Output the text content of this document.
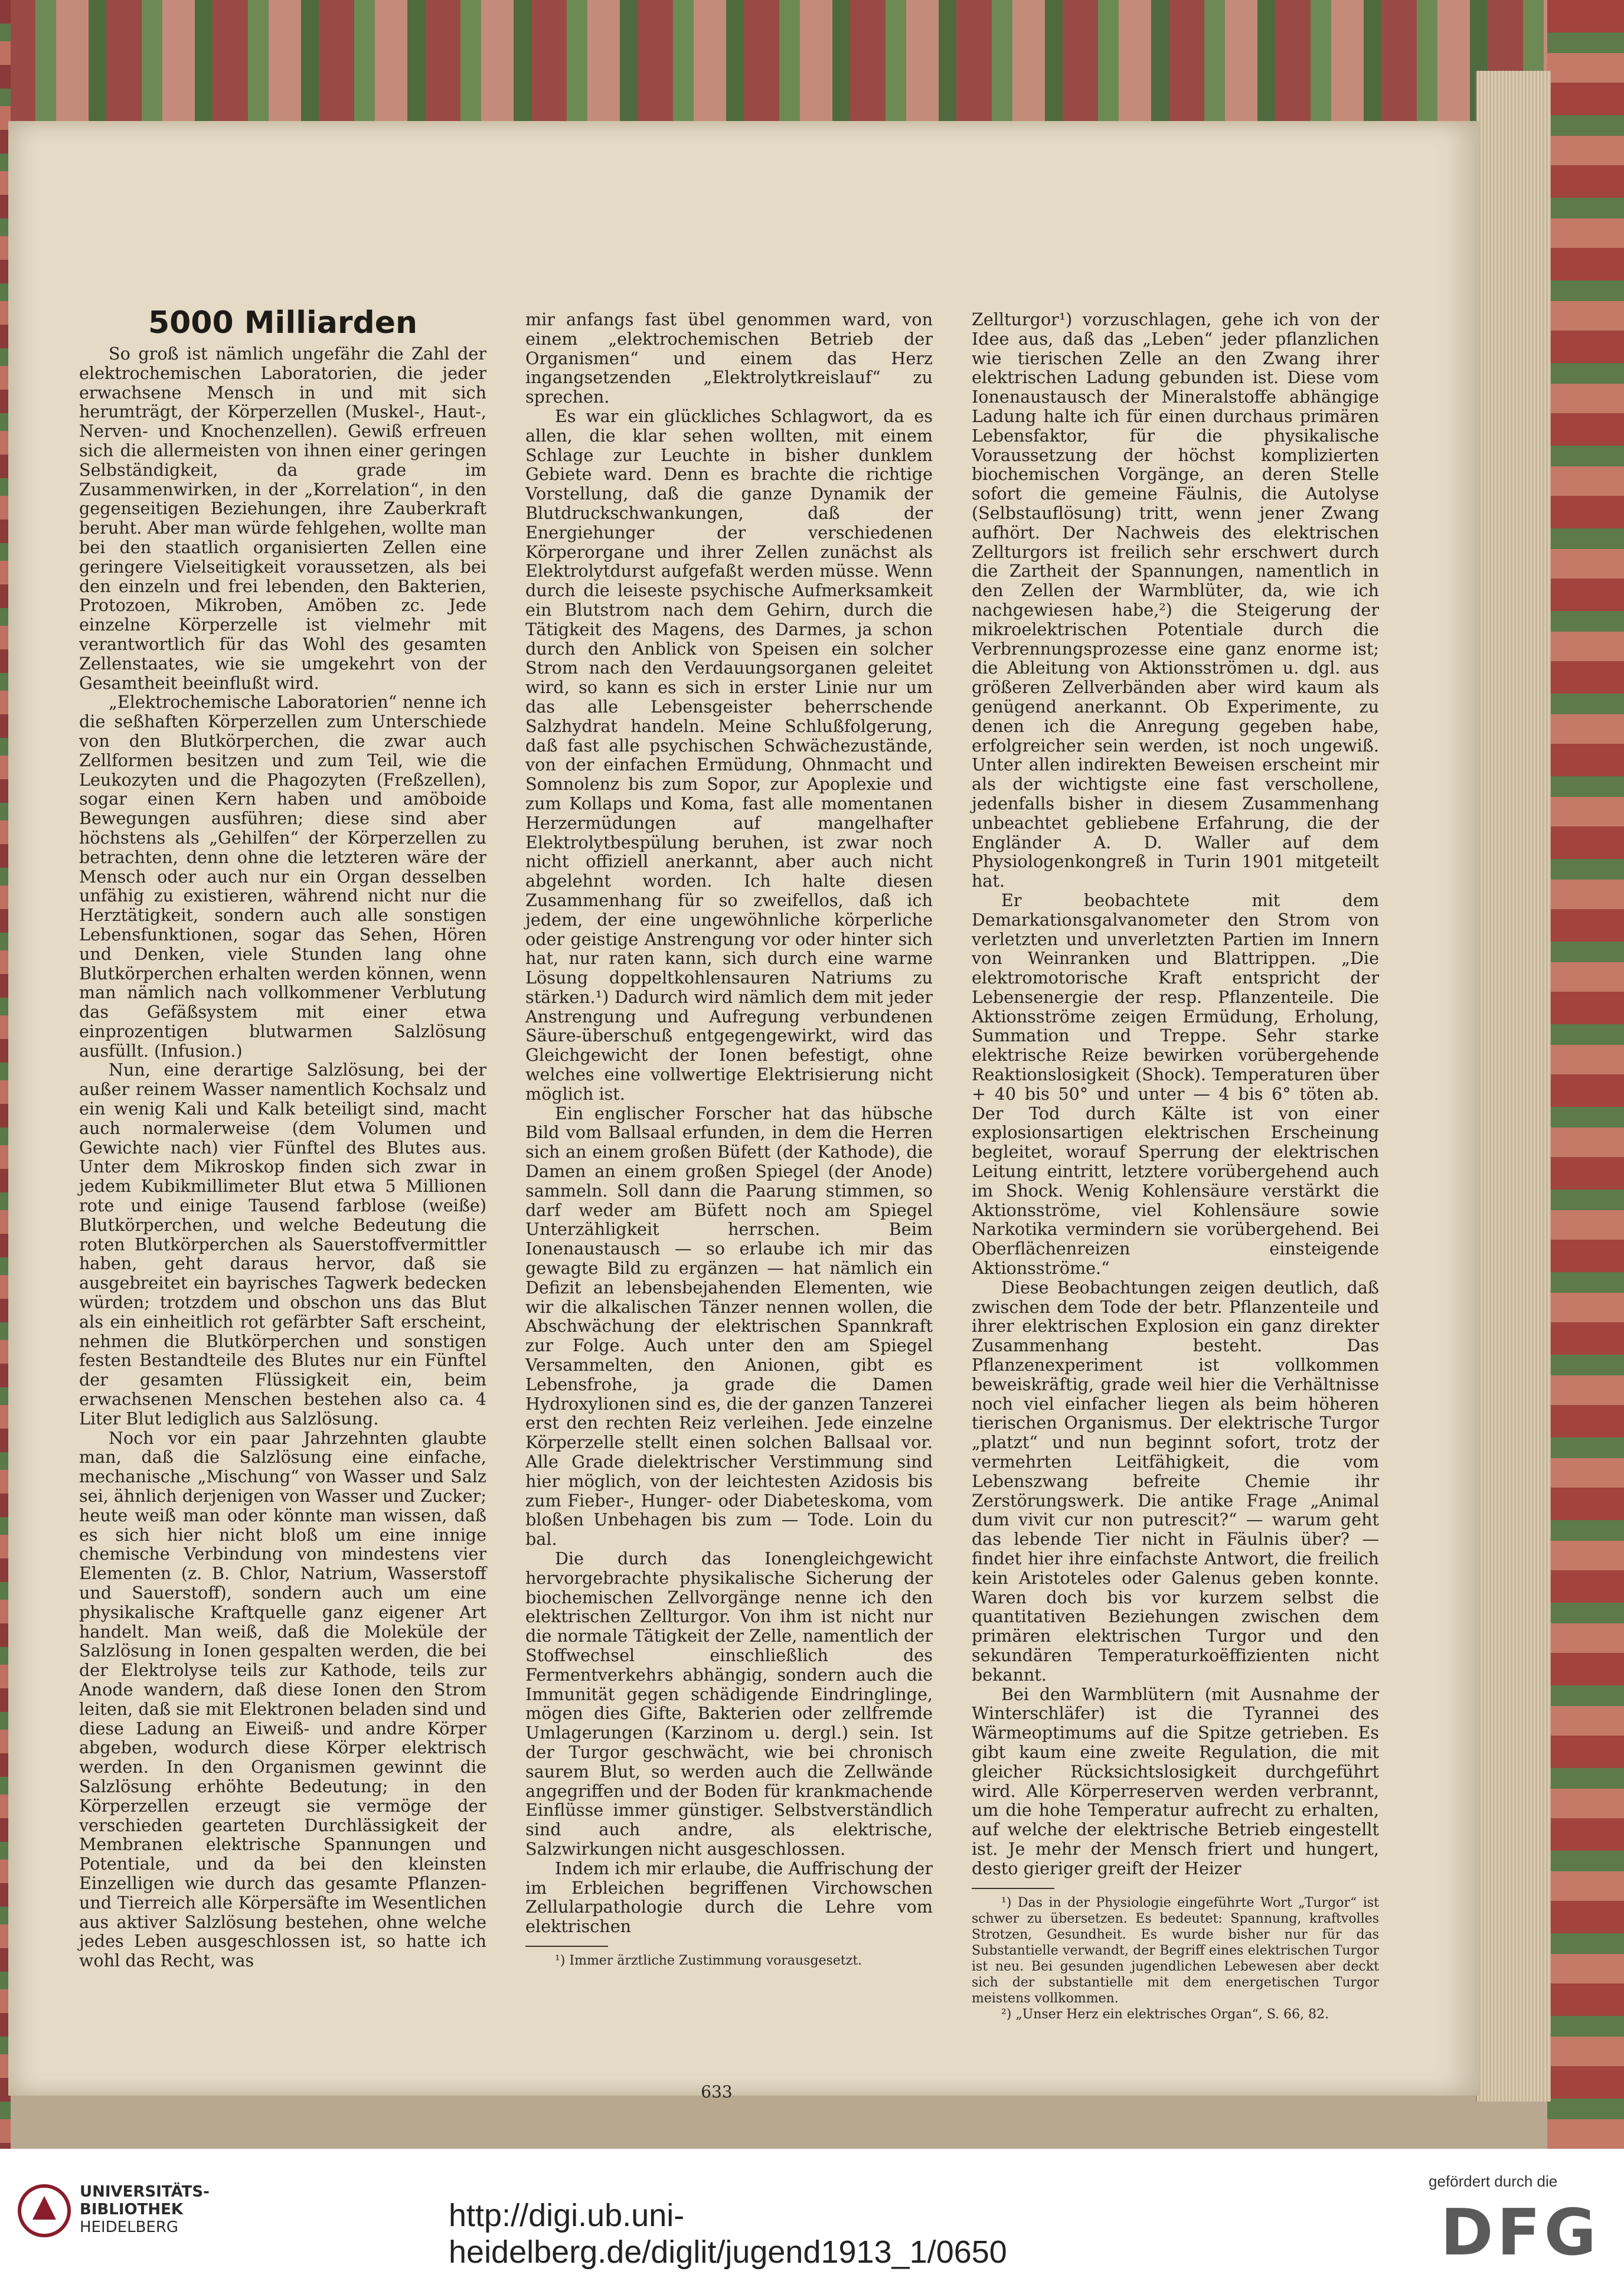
5000 Milliarden

So groß ist nämlich ungefähr die Zahl der elektrochemischen Laboratorien, die jeder erwachsene Mensch in und mit sich herumträgt, der Körperzellen (Muskel-, Haut-, Nerven- und Knochenzellen). Gewiß erfreuen sich die allermeisten von ihnen einer geringen Selbständigkeit, da grade im Zusammenwirken, in der „Korrelation“, in den gegenseitigen Beziehungen, ihre Zauberkraft beruht. Aber man würde fehlgehen, wollte man bei den staatlich organisierten Zellen eine geringere Vielseitigkeit voraussetzen, als bei den einzeln und frei lebenden, den Bakterien, Protozoen, Mikroben, Amöben zc. Jede einzelne Körperzelle ist vielmehr mit verantwortlich für das Wohl des gesamten Zellenstaates, wie sie umgekehrt von der Gesamtheit beeinflußt wird.

„Elektrochemische Laboratorien“ nenne ich die seßhaften Körperzellen zum Unterschiede von den Blutkörperchen, die zwar auch Zellformen besitzen und zum Teil, wie die Leukozyten und die Phagozyten (Freßzellen), sogar einen Kern haben und amöboide Bewegungen ausführen; diese sind aber höchstens als „Gehilfen“ der Körperzellen zu betrachten, denn ohne die letzteren wäre der Mensch oder auch nur ein Organ desselben unfähig zu existieren, während nicht nur die Herztätigkeit, sondern auch alle sonstigen Lebensfunktionen, sogar das Sehen, Hören und Denken, viele Stunden lang ohne Blutkörperchen erhalten werden können, wenn man nämlich nach vollkommener Verblutung das Gefäßsystem mit einer etwa einprozentigen blutwarmen Salzlösung ausfüllt. (Infusion.)

Nun, eine derartige Salzlösung, bei der außer reinem Wasser namentlich Kochsalz und ein wenig Kali und Kalk beteiligt sind, macht auch normalerweise (dem Volumen und Gewichte nach) vier Fünftel des Blutes aus. Unter dem Mikroskop finden sich zwar in jedem Kubikmillimeter Blut etwa 5 Millionen rote und einige Tausend farblose (weiße) Blutkörperchen, und welche Bedeutung die roten Blutkörperchen als Sauerstoffvermittler haben, geht daraus hervor, daß sie ausgebreitet ein bayrisches Tagwerk bedecken würden; trotzdem und obschon uns das Blut als ein einheitlich rot gefärbter Saft erscheint, nehmen die Blutkörperchen und sonstigen festen Bestandteile des Blutes nur ein Fünftel der gesamten Flüssigkeit ein, beim erwachsenen Menschen bestehen also ca. 4 Liter Blut lediglich aus Salzlösung.

Noch vor ein paar Jahrzehnten glaubte man, daß die Salzlösung eine einfache, mechanische „Mischung“ von Wasser und Salz sei, ähnlich derjenigen von Wasser und Zucker; heute weiß man oder könnte man wissen, daß es sich hier nicht bloß um eine innige chemische Verbindung von mindestens vier Elementen (z. B. Chlor, Natrium, Wasserstoff und Sauerstoff), sondern auch um eine physikalische Kraftquelle ganz eigener Art handelt. Man weiß, daß die Moleküle der Salzlösung in Ionen gespalten werden, die bei der Elektrolyse teils zur Kathode, teils zur Anode wandern, daß diese Ionen den Strom leiten, daß sie mit Elektronen beladen sind und diese Ladung an Eiweiß- und andre Körper abgeben, wodurch diese Körper elektrisch werden. In den Organismen gewinnt die Salzlösung erhöhte Bedeutung; in den Körperzellen erzeugt sie vermöge der verschieden gearteten Durchlässigkeit der Membranen elektrische Spannungen und Potentiale, und da bei den kleinsten Einzelligen wie durch das gesamte Pflanzen- und Tierreich alle Körpersäfte im Wesentlichen aus aktiver Salzlösung bestehen, ohne welche jedes Leben ausgeschlossen ist, so hatte ich wohl das Recht, was

mir anfangs fast übel genommen ward, von einem „elektrochemischen Betrieb der Organismen“ und einem das Herz ingangsetzenden „Elektrolytkreislauf“ zu sprechen.

Es war ein glückliches Schlagwort, da es allen, die klar sehen wollten, mit einem Schlage zur Leuchte in bisher dunklem Gebiete ward. Denn es brachte die richtige Vorstellung, daß die ganze Dynamik der Blutdruckschwankungen, daß der Energiehunger der verschiedenen Körperorgane und ihrer Zellen zunächst als Elektrolytdurst aufgefaßt werden müsse. Wenn durch die leiseste psychische Aufmerksamkeit ein Blutstrom nach dem Gehirn, durch die Tätigkeit des Magens, des Darmes, ja schon durch den Anblick von Speisen ein solcher Strom nach den Verdauungsorganen geleitet wird, so kann es sich in erster Linie nur um das alle Lebensgeister beherrschende Salzhydrat handeln. Meine Schlußfolgerung, daß fast alle psychischen Schwächezustände, von der einfachen Ermüdung, Ohnmacht und Somnolenz bis zum Sopor, zur Apoplexie und zum Kollaps und Koma, fast alle momentanen Herzermüdungen auf mangelhafter Elektrolytbespülung beruhen, ist zwar noch nicht offiziell anerkannt, aber auch nicht abgelehnt worden. Ich halte diesen Zusammenhang für so zweifellos, daß ich jedem, der eine ungewöhnliche körperliche oder geistige Anstrengung vor oder hinter sich hat, nur raten kann, sich durch eine warme Lösung doppeltkohlensauren Natriums zu stärken.¹) Dadurch wird nämlich dem mit jeder Anstrengung und Aufregung verbundenen Säure-überschuß entgegengewirkt, wird das Gleichgewicht der Ionen befestigt, ohne welches eine vollwertige Elektrisierung nicht möglich ist.

Ein englischer Forscher hat das hübsche Bild vom Ballsaal erfunden, in dem die Herren sich an einem großen Büfett (der Kathode), die Damen an einem großen Spiegel (der Anode) sammeln. Soll dann die Paarung stimmen, so darf weder am Büfett noch am Spiegel Unterzähligkeit herrschen. Beim Ionenaustausch — so erlaube ich mir das gewagte Bild zu ergänzen — hat nämlich ein Defizit an lebensbejahenden Elementen, wie wir die alkalischen Tänzer nennen wollen, die Abschwächung der elektrischen Spannkraft zur Folge. Auch unter den am Spiegel Versammelten, den Anionen, gibt es Lebensfrohe, ja grade die Damen Hydroxylionen sind es, die der ganzen Tanzerei erst den rechten Reiz verleihen. Jede einzelne Körperzelle stellt einen solchen Ballsaal vor. Alle Grade dielektrischer Verstimmung sind hier möglich, von der leichtesten Azidosis bis zum Fieber-, Hunger- oder Diabeteskoma, vom bloßen Unbehagen bis zum — Tode. Loin du bal.

Die durch das Ionengleichgewicht hervorgebrachte physikalische Sicherung der biochemischen Zellvorgänge nenne ich den elektrischen Zellturgor. Von ihm ist nicht nur die normale Tätigkeit der Zelle, namentlich der Stoffwechsel einschließlich des Fermentverkehrs abhängig, sondern auch die Immunität gegen schädigende Eindringlinge, mögen dies Gifte, Bakterien oder zellfremde Umlagerungen (Karzinom u. dergl.) sein. Ist der Turgor geschwächt, wie bei chronisch saurem Blut, so werden auch die Zellwände angegriffen und der Boden für krankmachende Einflüsse immer günstiger. Selbstverständlich sind auch andre, als elektrische, Salzwirkungen nicht ausgeschlossen.

Indem ich mir erlaube, die Auffrischung der im Erbleichen begriffenen Virchowschen Zellularpathologie durch die Lehre vom elektrischen

¹) Immer ärztliche Zustimmung vorausgesetzt.

Zellturgor¹) vorzuschlagen, gehe ich von der Idee aus, daß das „Leben“ jeder pflanzlichen wie tierischen Zelle an den Zwang ihrer elektrischen Ladung gebunden ist. Diese vom Ionenaustausch der Mineralstoffe abhängige Ladung halte ich für einen durchaus primären Lebensfaktor, für die physikalische Voraussetzung der höchst komplizierten biochemischen Vorgänge, an deren Stelle sofort die gemeine Fäulnis, die Autolyse (Selbstauflösung) tritt, wenn jener Zwang aufhört. Der Nachweis des elektrischen Zellturgors ist freilich sehr erschwert durch die Zartheit der Spannungen, namentlich in den Zellen der Warmblüter, da, wie ich nachgewiesen habe,²) die Steigerung der mikroelektrischen Potentiale durch die Verbrennungsprozesse eine ganz enorme ist; die Ableitung von Aktionsströmen u. dgl. aus größeren Zellverbänden aber wird kaum als genügend anerkannt. Ob Experimente, zu denen ich die Anregung gegeben habe, erfolgreicher sein werden, ist noch ungewiß. Unter allen indirekten Beweisen erscheint mir als der wichtigste eine fast verschollene, jedenfalls bisher in diesem Zusammenhang unbeachtet gebliebene Erfahrung, die der Engländer A. D. Waller auf dem Physiologenkongreß in Turin 1901 mitgeteilt hat.

Er beobachtete mit dem Demarkationsgalvanometer den Strom von verletzten und unverletzten Partien im Innern von Weinranken und Blattrippen. „Die elektromotorische Kraft entspricht der Lebensenergie der resp. Pflanzenteile. Die Aktionsströme zeigen Ermüdung, Erholung, Summation und Treppe. Sehr starke elektrische Reize bewirken vorübergehende Reaktionslosigkeit (Shock). Temperaturen über + 40 bis 50° und unter — 4 bis 6° töten ab. Der Tod durch Kälte ist von einer explosionsartigen elektrischen Erscheinung begleitet, worauf Sperrung der elektrischen Leitung eintritt, letztere vorübergehend auch im Shock. Wenig Kohlensäure verstärkt die Aktionsströme, viel Kohlensäure sowie Narkotika vermindern sie vorübergehend. Bei Oberflächenreizen einsteigende Aktionsströme.“

Diese Beobachtungen zeigen deutlich, daß zwischen dem Tode der betr. Pflanzenteile und ihrer elektrischen Explosion ein ganz direkter Zusammenhang besteht. Das Pflanzenexperiment ist vollkommen beweiskräftig, grade weil hier die Verhältnisse noch viel einfacher liegen als beim höheren tierischen Organismus. Der elektrische Turgor „platzt“ und nun beginnt sofort, trotz der vermehrten Leitfähigkeit, die vom Lebenszwang befreite Chemie ihr Zerstörungswerk. Die antike Frage „Animal dum vivit cur non putrescit?“ — warum geht das lebende Tier nicht in Fäulnis über? — findet hier ihre einfachste Antwort, die freilich kein Aristoteles oder Galenus geben konnte. Waren doch bis vor kurzem selbst die quantitativen Beziehungen zwischen dem primären elektrischen Turgor und den sekundären Temperaturkoëffizienten nicht bekannt.

Bei den Warmblütern (mit Ausnahme der Winterschläfer) ist die Tyrannei des Wärmeoptimums auf die Spitze getrieben. Es gibt kaum eine zweite Regulation, die mit gleicher Rücksichtslosigkeit durchgeführt wird. Alle Körperreserven werden verbrannt, um die hohe Temperatur aufrecht zu erhalten, auf welche der elektrische Betrieb eingestellt ist. Je mehr der Mensch friert und hungert, desto gieriger greift der Heizer

¹) Das in der Physiologie eingeführte Wort „Turgor“ ist schwer zu übersetzen. Es bedeutet: Spannung, kraftvolles Strotzen, Gesundheit. Es wurde bisher nur für das Substantielle verwandt, der Begriff eines elektrischen Turgor ist neu. Bei gesunden jugendlichen Lebewesen aber deckt sich der substantielle mit dem energetischen Turgor meistens vollkommen.

²) „Unser Herz ein elektrisches Organ“, S. 66, 82.

633
UNIVERSITÄTS-
BIBLIOTHEK
HEIDELBERG	http://digi.ub.uni-heidelberg.de/diglit/jugend1913_1/0650
gefördert durch die
DFG
